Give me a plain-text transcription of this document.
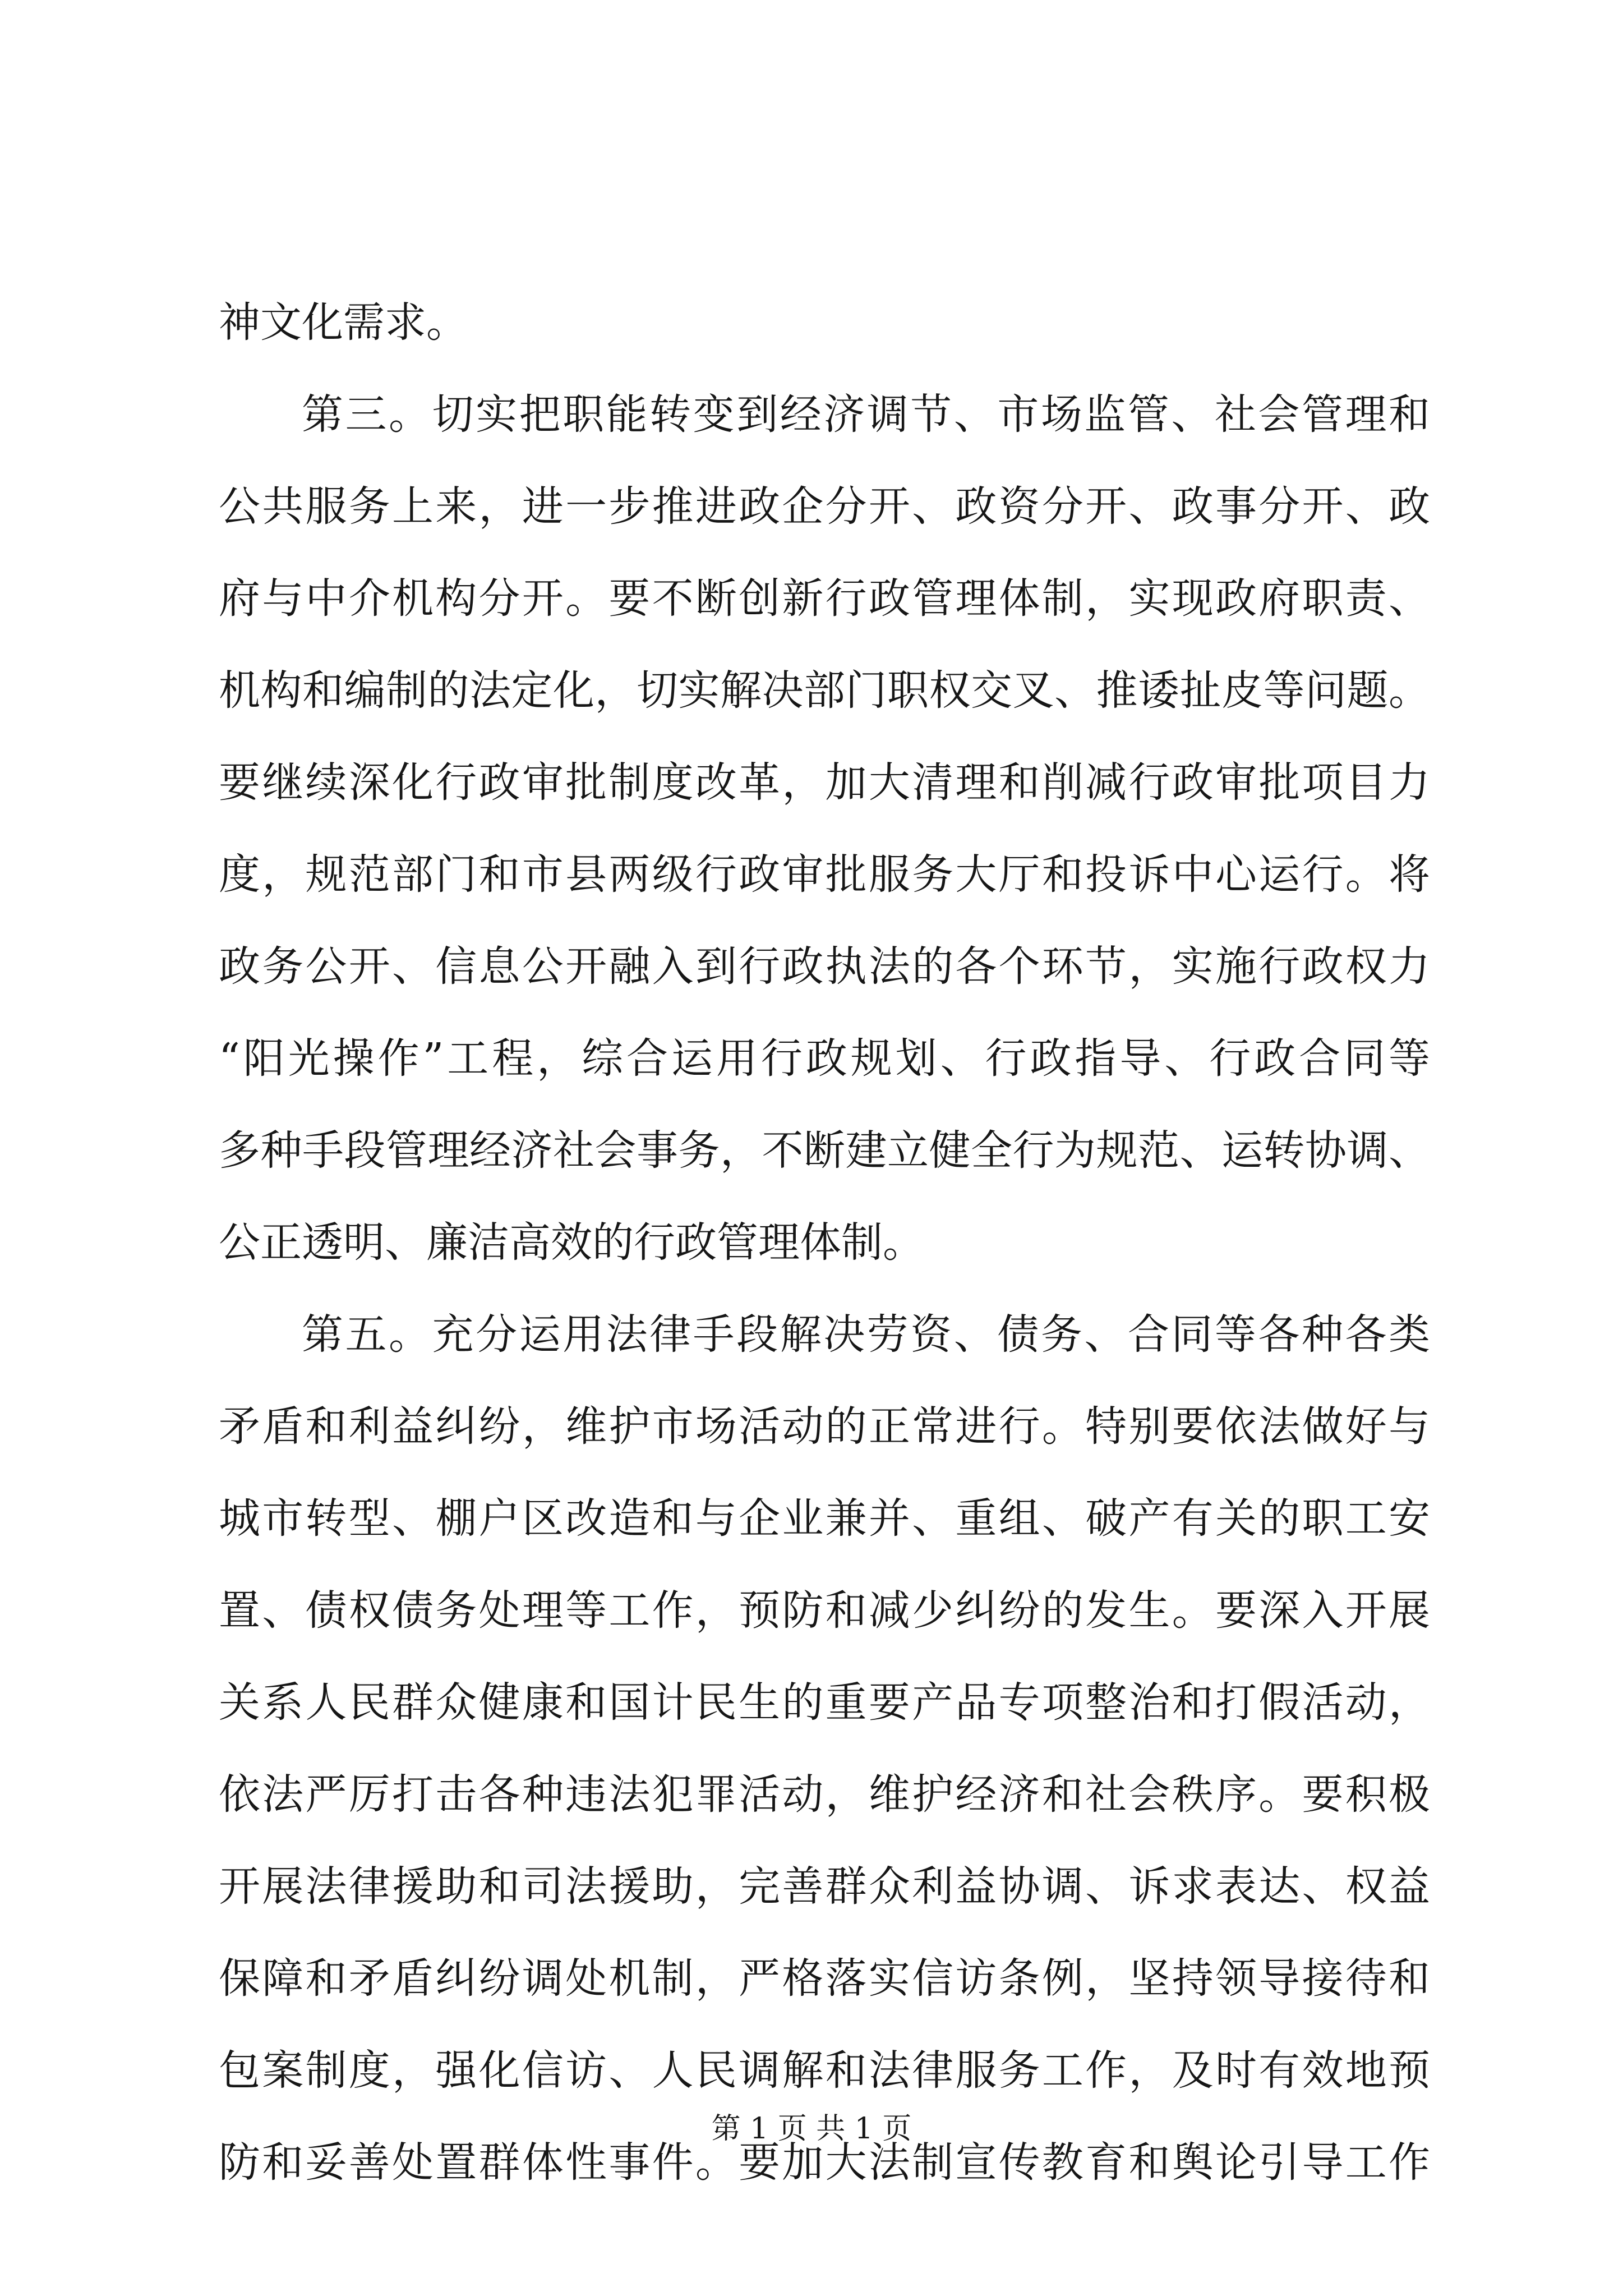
神文化需求。
第三。切实把职能转变到经济调节、市场监管、社会管理和
公共服务上来，进一步推进政企分开、政资分开、政事分开、政
府与中介机构分开。要不断创新行政管理体制，实现政府职责、
机构和编制的法定化，切实解决部门职权交叉、推诿扯皮等问题。
要继续深化行政审批制度改革，加大清理和削减行政审批项目力
度，规范部门和市县两级行政审批服务大厅和投诉中心运行。将
政务公开、信息公开融入到行政执法的各个环节，实施行政权力
“阳光操作”工程，综合运用行政规划、行政指导、行政合同等
多种手段管理经济社会事务，不断建立健全行为规范、运转协调、
公正透明、廉洁高效的行政管理体制。
第五。充分运用法律手段解决劳资、债务、合同等各种各类
矛盾和利益纠纷，维护市场活动的正常进行。特别要依法做好与
城市转型、棚户区改造和与企业兼并、重组、破产有关的职工安
置、债权债务处理等工作，预防和减少纠纷的发生。要深入开展
关系人民群众健康和国计民生的重要产品专项整治和打假活动，
依法严厉打击各种违法犯罪活动，维护经济和社会秩序。要积极
开展法律援助和司法援助，完善群众利益协调、诉求表达、权益
保障和矛盾纠纷调处机制，严格落实信访条例，坚持领导接待和
包案制度，强化信访、人民调解和法律服务工作，及时有效地预
防和妥善处置群体性事件。要加大法制宣传教育和舆论引导工作
第 1 页 共 1 页
